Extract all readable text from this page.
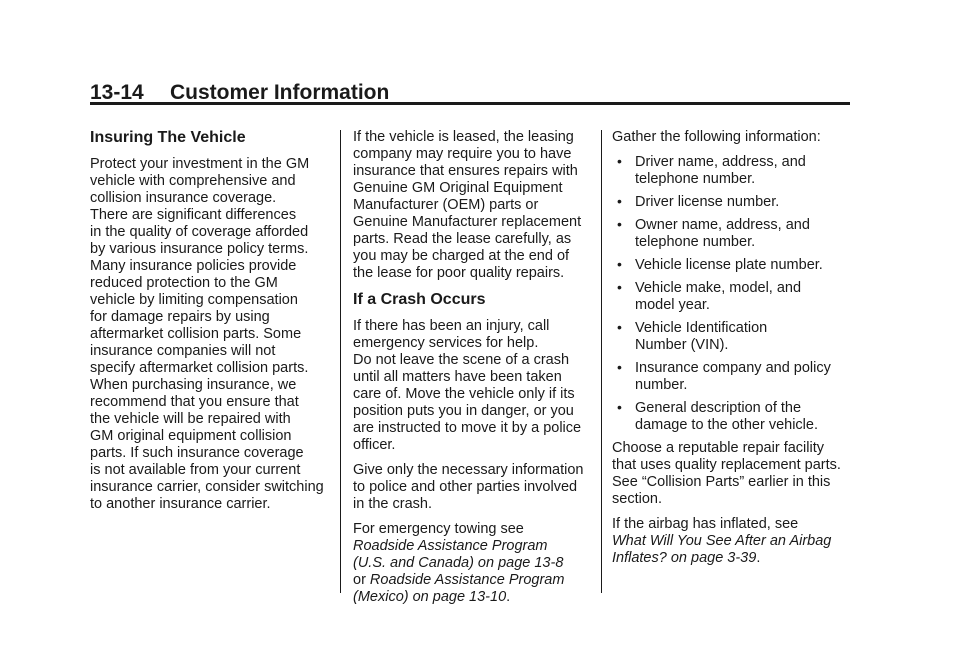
13-14 Customer Information
Insuring The Vehicle

Protect your investment in the GM
vehicle with comprehensive and
collision insurance coverage.
There are significant differences
in the quality of coverage afforded
by various insurance policy terms.
Many insurance policies provide
reduced protection to the GM
vehicle by limiting compensation
for damage repairs by using
aftermarket collision parts. Some
insurance companies will not
specify aftermarket collision parts.
When purchasing insurance, we
recommend that you ensure that
the vehicle will be repaired with
GM original equipment collision
parts. If such insurance coverage
is not available from your current
insurance carrier, consider switching
to another insurance carrier.

If the vehicle is leased, the leasing
company may require you to have
insurance that ensures repairs with
Genuine GM Original Equipment
Manufacturer (OEM) parts or
Genuine Manufacturer replacement
parts. Read the lease carefully, as
you may be charged at the end of
the lease for poor quality repairs.

If a Crash Occurs

If there has been an injury, call
emergency services for help.
Do not leave the scene of a crash
until all matters have been taken
care of. Move the vehicle only if its
position puts you in danger, or you
are instructed to move it by a police
officer.

Give only the necessary information
to police and other parties involved
in the crash.

For emergency towing see
Roadside Assistance Program
(U.S. and Canada) on page 13-8
or Roadside Assistance Program
(Mexico) on page 13-10.

Gather the following information:

• Driver name, address, and
telephone number.
• Driver license number.
• Owner name, address, and
telephone number.
• Vehicle license plate number.
• Vehicle make, model, and
model year.
• Vehicle Identification
Number (VIN).
• Insurance company and policy
number.
• General description of the
damage to the other vehicle.

Choose a reputable repair facility
that uses quality replacement parts.
See “Collision Parts” earlier in this
section.

If the airbag has inflated, see
What Will You See After an Airbag
Inflates? on page 3-39.
